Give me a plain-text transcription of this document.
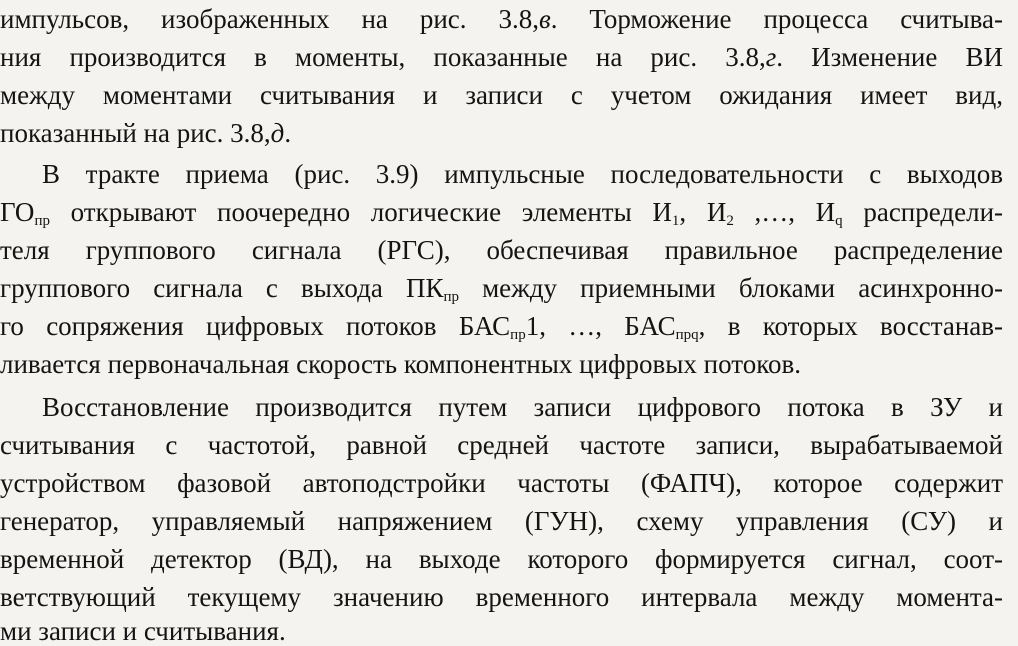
импульсов, изображенных на рис. 3.8,в. Торможение процесса считыва-
ния производится в моменты, показанные на рис. 3.8,г. Изменение ВИ
между моментами считывания и записи с учетом ожидания имеет вид,
показанный на рис. 3.8,д.
В тракте приема (рис. 3.9) импульсные последовательности с выходов
$ГО_{пр}$ открывают поочередно логические элементы $И_1$, $И_2$ ,…, $И_q$ распредели-
теля группового сигнала (РГС), обеспечивая правильное распределение
группового сигнала с выхода $ПК_{пр}$ между приемными блоками асинхронно-
го сопряжения цифровых потоков $БАС_{пр}1$, …, $БАС_{прq}$, в которых восстанав-
ливается первоначальная скорость компонентных цифровых потоков.
Восстановление производится путем записи цифрового потока в ЗУ и
считывания с частотой, равной средней частоте записи, вырабатываемой
устройством фазовой автоподстройки частоты (ФАПЧ), которое содержит
генератор, управляемый напряжением (ГУН), схему управления (СУ) и
временной детектор (ВД), на выходе которого формируется сигнал, соот-
ветствующий текущему значению временного интервала между момента-
ми записи и считывания.
